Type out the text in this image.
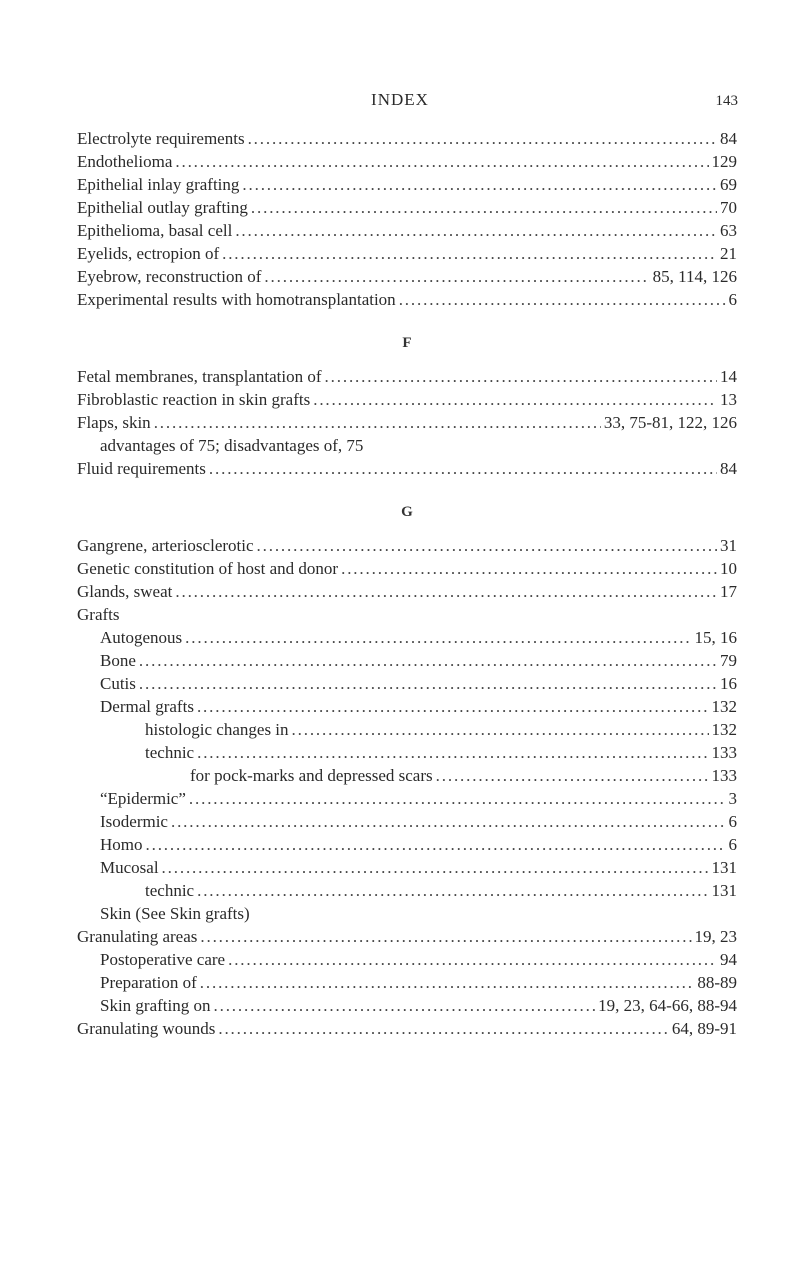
INDEX	143
Electrolyte requirements . . .	84
Endothelioma . . .	129
Epithelial inlay grafting . . .	69
Epithelial outlay grafting . . .	70
Epithelioma, basal cell . . .	63
Eyelids, ectropion of . . .	21
Eyebrow, reconstruction of . . .	85, 114, 126
Experimental results with homotransplantation . . .	6
F
Fetal membranes, transplantation of . . .	14
Fibroblastic reaction in skin grafts . . .	13
Flaps, skin . . .	33, 75-81, 122, 126
advantages of 75; disadvantages of, 75
Fluid requirements . . .	84
G
Gangrene, arteriosclerotic . . .	31
Genetic constitution of host and donor . . .	10
Glands, sweat . . .	17
Grafts
Autogenous . . .	15, 16
Bone . . .	79
Cutis . . .	16
Dermal grafts . . .	132
histologic changes in . . .	132
technic . . .	133
for pock-marks and depressed scars . . .	133
“Epidermic” . . .	3
Isodermic . . .	6
Homo . . .	6
Mucosal . . .	131
technic . . .	131
Skin (See Skin grafts)
Granulating areas . . .	19, 23
Postoperative care . . .	94
Preparation of . . .	88-89
Skin grafting on . . .	19, 23, 64-66, 88-94
Granulating wounds . . .	64, 89-91
